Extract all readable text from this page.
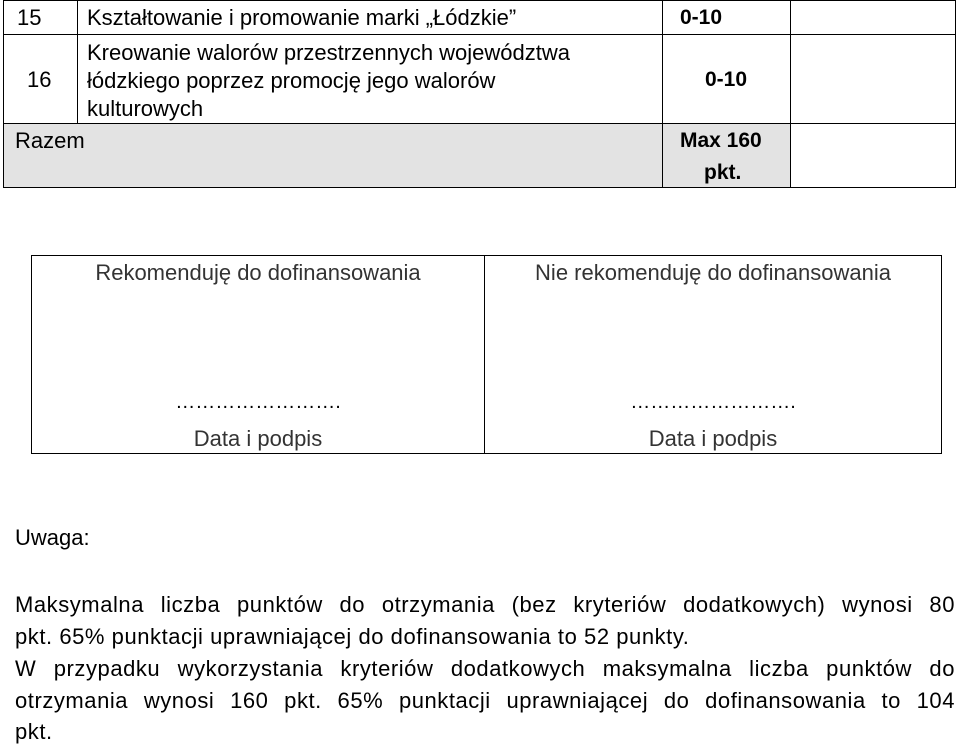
15 Kształtowanie i promowanie marki „Łódzkie”	0-10
16
Kreowanie walorów przestrzennych województwa
łódzkiego poprzez promocję jego walorów
kulturowych
0-10
Razem	Max 160
pkt.
Rekomenduję do dofinansowania
…………………….
Data i podpis
Nie rekomenduję do dofinansowania
…………………….
Data i podpis
Uwaga:
Maksymalna liczba punktów do otrzymania (bez kryteriów dodatkowych) wynosi 80
pkt. 65% punktacji uprawniającej do dofinansowania to 52 punkty.
W przypadku wykorzystania kryteriów dodatkowych maksymalna liczba punktów do
otrzymania wynosi 160 pkt. 65% punktacji uprawniającej do dofinansowania to 104
pkt.
